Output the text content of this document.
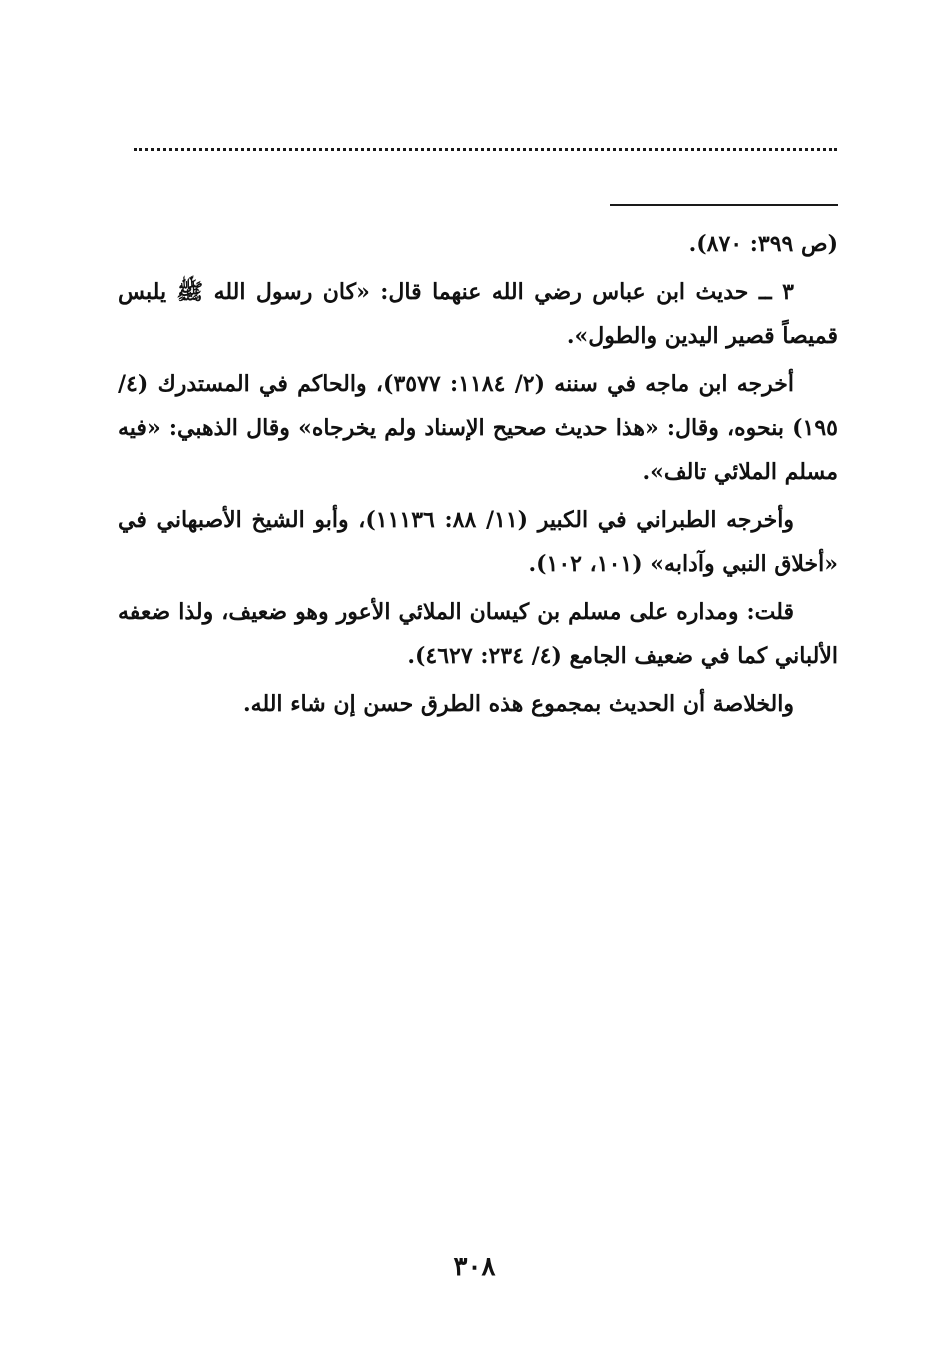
(ص ٣٩٩: ٨٧٠).

٣ ــ حديث ابن عباس رضي الله عنهما قال: «كان رسول الله ﷺ يلبس قميصاً قصير اليدين والطول».

أخرجه ابن ماجه في سننه (٢/ ١١٨٤: ٣٥٧٧)، والحاكم في المستدرك (٤/ ١٩٥) بنحوه، وقال: «هذا حديث صحيح الإسناد ولم يخرجاه» وقال الذهبي: «فيه مسلم الملائي تالف».

وأخرجه الطبراني في الكبير (١١/ ٨٨: ١١١٣٦)، وأبو الشيخ الأصبهاني في «أخلاق النبي وآدابه» (١٠١، ١٠٢).

قلت: ومداره على مسلم بن كيسان الملائي الأعور وهو ضعيف، ولذا ضعفه الألباني كما في ضعيف الجامع (٤/ ٢٣٤: ٤٦٢٧).

والخلاصة أن الحديث بمجموع هذه الطرق حسن إن شاء الله.

٣٠٨
